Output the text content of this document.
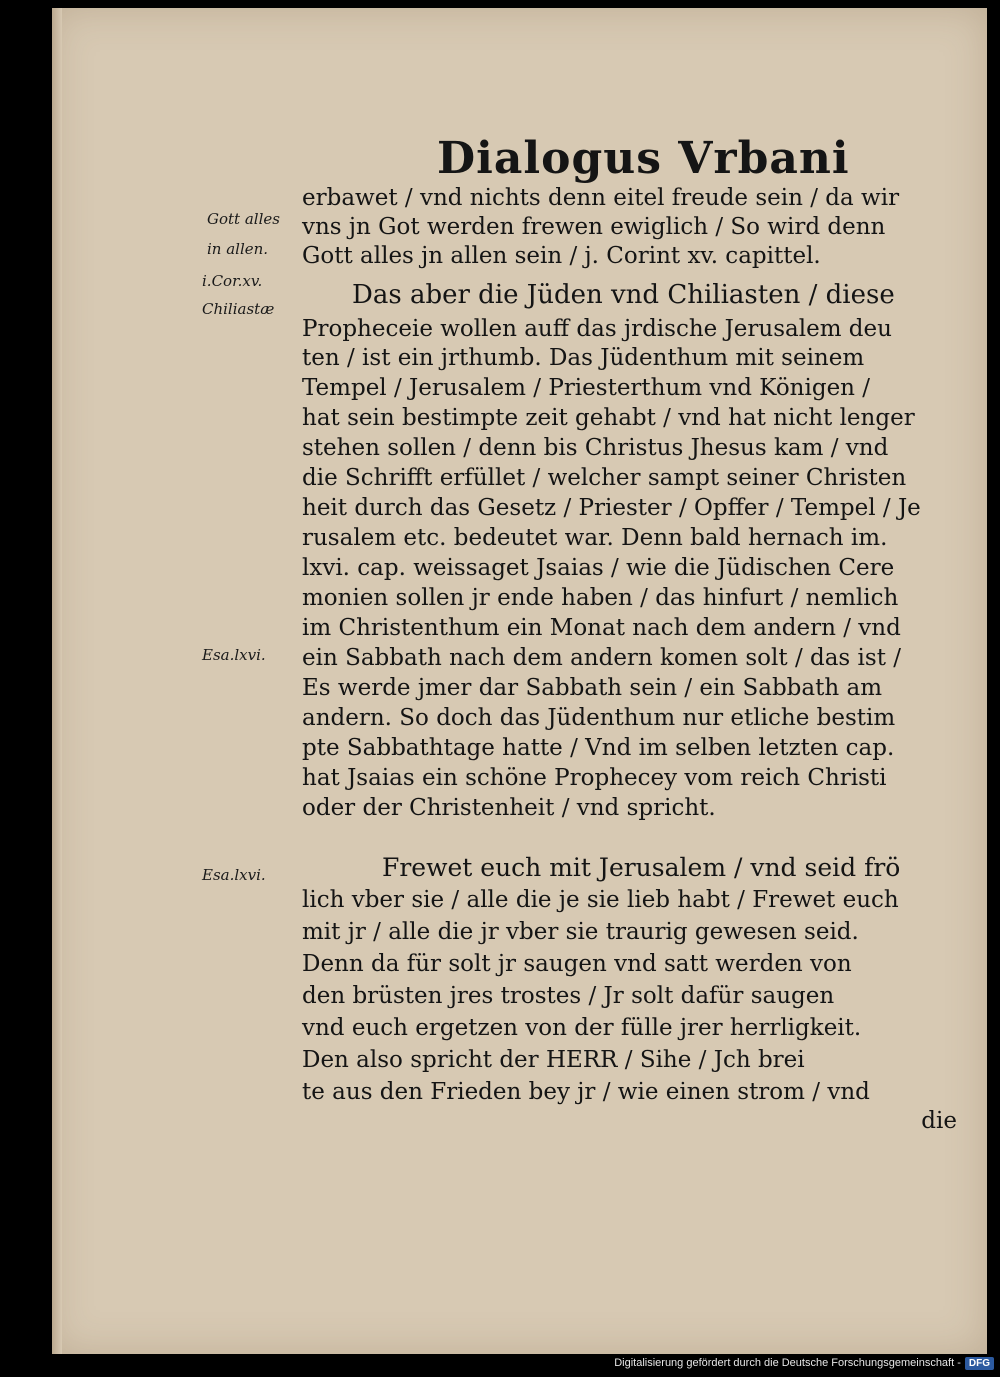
Dialogus Vrbani
Gott alles
in allen.
i.Cor.xv.
Chiliastæ
Esa.lxvi.
Esa.lxvi.
erbawet / vnd nichts denn eitel freude sein / da wir
vns jn Got werden frewen ewiglich / So wird denn
Gott alles jn allen sein / j. Corint xv. capittel.
Das aber die Jüden vnd Chiliasten / diese
Propheceie wollen auff das jrdische Jerusalem deu
ten / ist ein jrthumb. Das Jüdenthum mit seinem
Tempel / Jerusalem / Priesterthum vnd Königen /
hat sein bestimpte zeit gehabt / vnd hat nicht lenger
stehen sollen / denn bis Christus Jhesus kam / vnd
die Schrifft erfüllet / welcher sampt seiner Christen
heit durch das Gesetz / Priester / Opffer / Tempel / Je
rusalem etc. bedeutet war. Denn bald hernach im.
lxvi. cap. weissaget Jsaias / wie die Jüdischen Cere
monien sollen jr ende haben / das hinfurt / nemlich
im Christenthum ein Monat nach dem andern / vnd
ein Sabbath nach dem andern komen solt / das ist /
Es werde jmer dar Sabbath sein / ein Sabbath am
andern. So doch das Jüdenthum nur etliche bestim
pte Sabbathtage hatte / Vnd im selben letzten cap.
hat Jsaias ein schöne Prophecey vom reich Christi
oder der Christenheit / vnd spricht.
Frewet euch mit Jerusalem / vnd seid frö
lich vber sie / alle die je sie lieb habt / Frewet euch
mit jr / alle die jr vber sie traurig gewesen seid.
Denn da für solt jr saugen vnd satt werden von
den brüsten jres trostes / Jr solt dafür saugen
vnd euch ergetzen von der fülle jrer herrligkeit.
Den also spricht der HERR / Sihe / Jch brei
te aus den Frieden bey jr / wie einen strom / vnd
die
Digitalisierung gefördert durch die Deutsche Forschungsgemeinschaft - DFG
